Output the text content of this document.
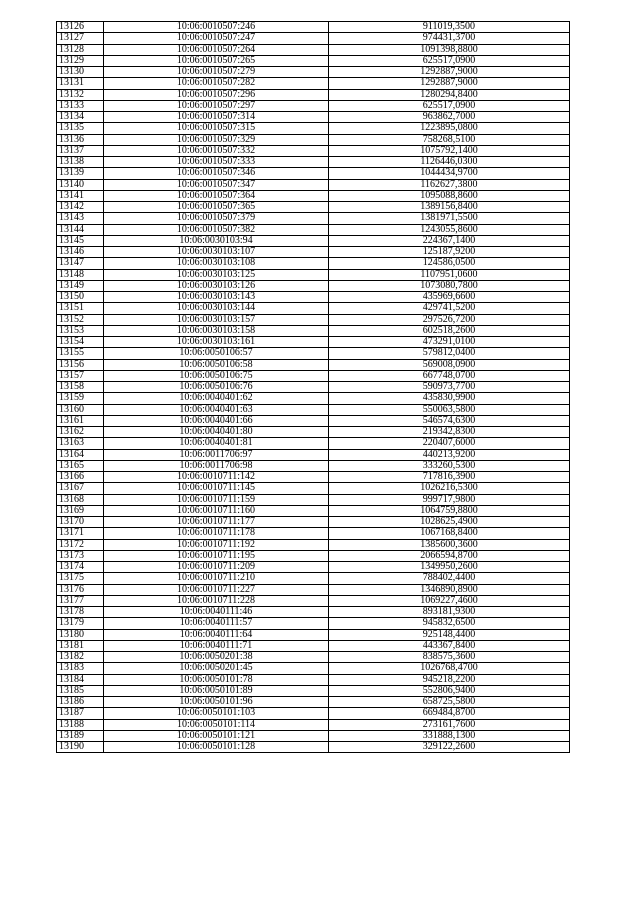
13126	10:06:0010507:246	911019,3500
13127	10:06:0010507:247	974431,3700
13128	10:06:0010507:264	1091398,8800
13129	10:06:0010507:265	625517,0900
13130	10:06:0010507:279	1292887,9000
13131	10:06:0010507:282	1292887,9000
13132	10:06:0010507:296	1280294,8400
13133	10:06:0010507:297	625517,0900
13134	10:06:0010507:314	963862,7000
13135	10:06:0010507:315	1223895,0800
13136	10:06:0010507:329	758268,5100
13137	10:06:0010507:332	1075792,1400
13138	10:06:0010507:333	1126446,0300
13139	10:06:0010507:346	1044434,9700
13140	10:06:0010507:347	1162627,3800
13141	10:06:0010507:364	1095088,8600
13142	10:06:0010507:365	1389156,8400
13143	10:06:0010507:379	1381971,5500
13144	10:06:0010507:382	1243055,8600
13145	10:06:0030103:94	224367,1400
13146	10:06:0030103:107	125187,9200
13147	10:06:0030103:108	124586,0500
13148	10:06:0030103:125	1107951,0600
13149	10:06:0030103:126	1073080,7800
13150	10:06:0030103:143	435969,6600
13151	10:06:0030103:144	429741,5200
13152	10:06:0030103:157	297526,7200
13153	10:06:0030103:158	602518,2600
13154	10:06:0030103:161	473291,0100
13155	10:06:0050106:57	579812,0400
13156	10:06:0050106:58	569008,0900
13157	10:06:0050106:75	667748,0700
13158	10:06:0050106:76	590973,7700
13159	10:06:0040401:62	435830,9900
13160	10:06:0040401:63	550063,5800
13161	10:06:0040401:66	546574,6300
13162	10:06:0040401:80	219342,8300
13163	10:06:0040401:81	220407,6000
13164	10:06:0011706:97	440213,9200
13165	10:06:0011706:98	333260,5300
13166	10:06:0010711:142	717816,3900
13167	10:06:0010711:145	1026216,5300
13168	10:06:0010711:159	999717,9800
13169	10:06:0010711:160	1064759,8800
13170	10:06:0010711:177	1028625,4900
13171	10:06:0010711:178	1067168,8400
13172	10:06:0010711:192	1385600,3600
13173	10:06:0010711:195	2066594,8700
13174	10:06:0010711:209	1349950,2600
13175	10:06:0010711:210	788402,4400
13176	10:06:0010711:227	1346890,8900
13177	10:06:0010711:228	1069227,4600
13178	10:06:0040111:46	893181,9300
13179	10:06:0040111:57	945832,6500
13180	10:06:0040111:64	925148,4400
13181	10:06:0040111:71	443367,8400
13182	10:06:0050201:38	838575,3600
13183	10:06:0050201:45	1026768,4700
13184	10:06:0050101:78	945218,2200
13185	10:06:0050101:89	552806,9400
13186	10:06:0050101:96	658725,5800
13187	10:06:0050101:103	669484,8700
13188	10:06:0050101:114	273161,7600
13189	10:06:0050101:121	331888,1300
13190	10:06:0050101:128	329122,2600
